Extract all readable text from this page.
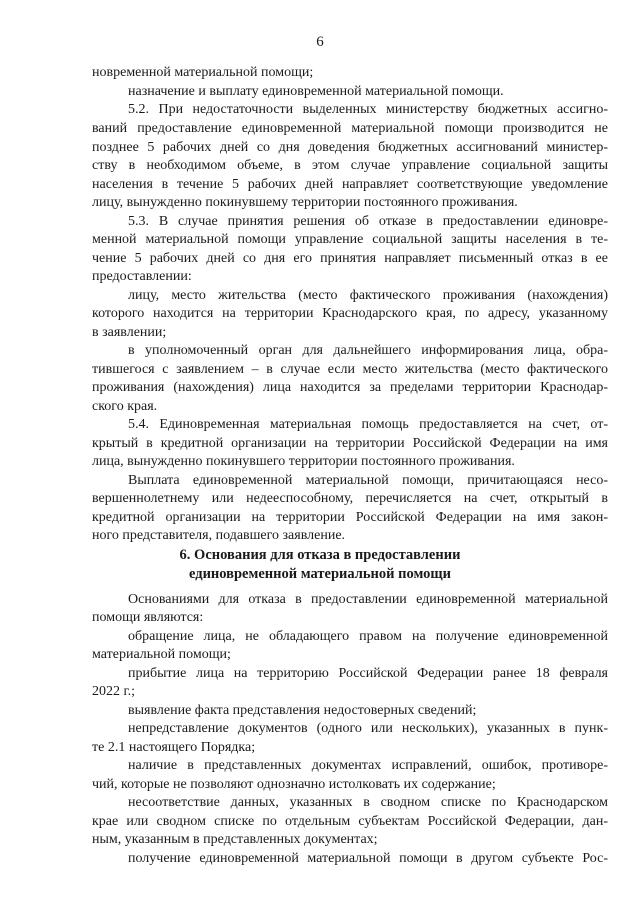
6
новременной материальной помощи;
назначение и выплату единовременной материальной помощи.
5.2. При недостаточности выделенных министерству бюджетных ассигно-
ваний предоставление единовременной материальной помощи производится не
позднее 5 рабочих дней со дня доведения бюджетных ассигнований министер-
ству в необходимом объеме, в этом случае управление социальной защиты
населения в течение 5 рабочих дней направляет соответствующие уведомление
лицу, вынужденно покинувшему территории постоянного проживания.
5.3. В случае принятия решения об отказе в предоставлении единовре-
менной материальной помощи управление социальной защиты населения в те-
чение 5 рабочих дней со дня его принятия направляет письменный отказ в ее
предоставлении:
лицу, место жительства (место фактического проживания (нахождения)
которого находится на территории Краснодарского края, по адресу, указанному
в заявлении;
в уполномоченный орган для дальнейшего информирования лица, обра-
тившегося с заявлением – в случае если место жительства (место фактического
проживания (нахождения) лица находится за пределами территории Краснодар-
ского края.
5.4. Единовременная материальная помощь предоставляется на счет, от-
крытый в кредитной организации на территории Российской Федерации на имя
лица, вынужденно покинувшего территории постоянного проживания.
Выплата единовременной материальной помощи, причитающаяся несо-
вершеннолетнему или недееспособному, перечисляется на счет, открытый в
кредитной организации на территории Российской Федерации на имя закон-
ного представителя, подавшего заявление.
6. Основания для отказа в предоставлении
единовременной материальной помощи
Основаниями для отказа в предоставлении единовременной материальной
помощи являются:
обращение лица, не обладающего правом на получение единовременной
материальной помощи;
прибытие лица на территорию Российской Федерации ранее 18 февраля
2022 г.;
выявление факта представления недостоверных сведений;
непредставление документов (одного или нескольких), указанных в пунк-
те 2.1 настоящего Порядка;
наличие в представленных документах исправлений, ошибок, противоре-
чий, которые не позволяют однозначно истолковать их содержание;
несоответствие данных, указанных в сводном списке по Краснодарском
крае или сводном списке по отдельным субъектам Российской Федерации, дан-
ным, указанным в представленных документах;
получение единовременной материальной помощи в другом субъекте Рос-
